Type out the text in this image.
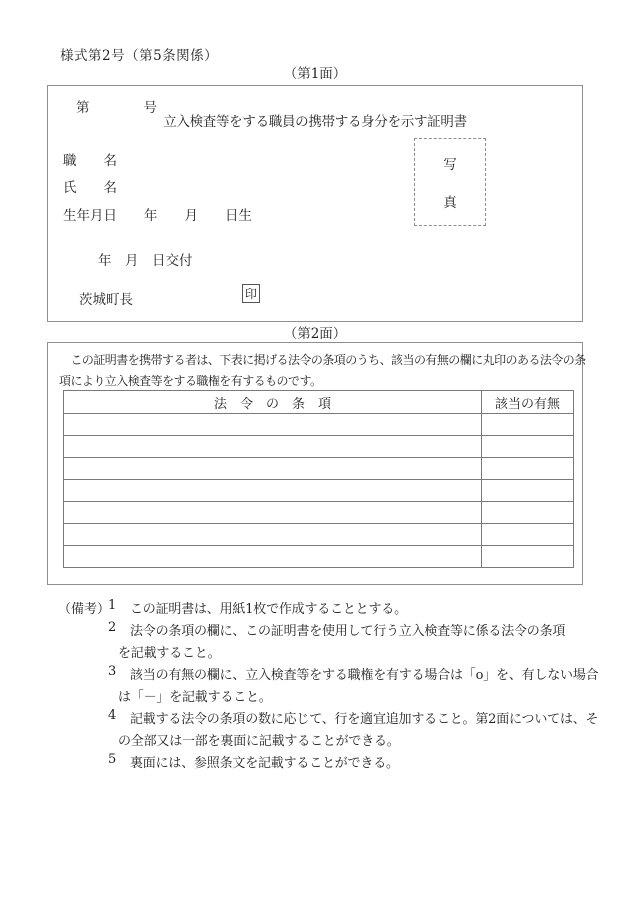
様式第2号（第5条関係）
（第1面）
第　　　　号
立入検査等をする職員の携帯する身分を示す証明書
職　　名
氏　　名
生年月日　　年　　月　　日生
年　月　日交付
茨城町長	印
写
真
（第2面）
　この証明書を携帯する者は、下表に掲げる法令の条項のうち、該当の有無の欄に丸印のある法令の条
項により立入検査等をする職権を有するものです。
法　令　の　条　項	該当の有無

（備考）
1 この証明書は、用紙1枚で作成することとする。
2 法令の条項の欄に、この証明書を使用して行う立入検査等に係る法令の条項
を記載すること。
3 該当の有無の欄に、立入検査等をする職権を有する場合は「o」を、有しない場合
は「－」を記載すること。
4 記載する法令の条項の数に応じて、行を適宜追加すること。第2面については、そ
の全部又は一部を裏面に記載することができる。
5 裏面には、参照条文を記載することができる。
